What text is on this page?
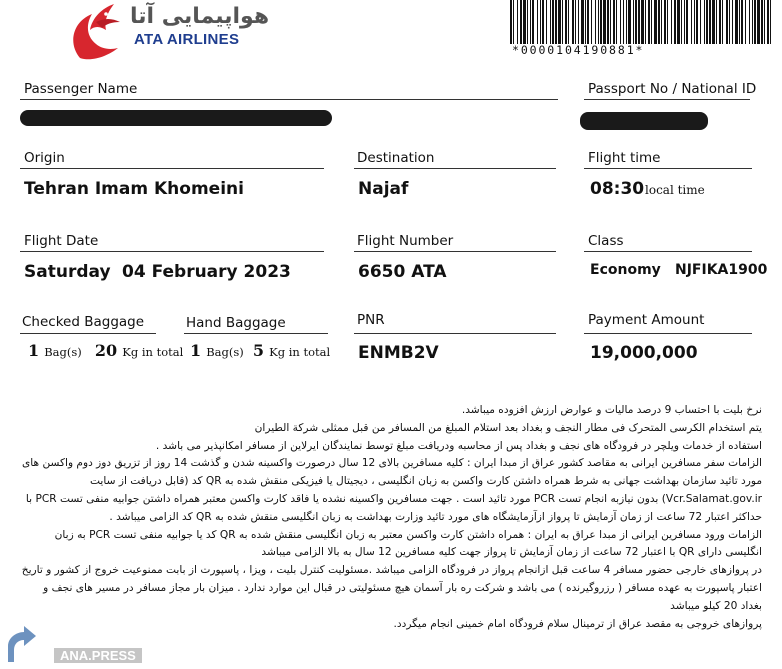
هواپیمایی آتا
ATA AIRLINES
*0000104190881*
Passenger Name	Passport No / National ID
Origin
Tehran Imam Khomeini
Destination
Najaf
Flight time
08:30 local time
Flight Date
Saturday 04 February 2023
Flight Number
6650 ATA
Class
Economy NJFIKA1900
Checked Baggage
1 Bag(s) 20 Kg in total
Hand Baggage
1 Bag(s) 5 Kg in total
PNR
ENMB2V
Payment Amount
19,000,000

نرخ بلیت با احتساب 9 درصد مالیات و عوارض ارزش افزوده میباشد.

یتم استخدام الکرسی المتحرک فی مطار النجف و بغداد بعد استلام المبلغ من المسافر من قبل ممثلی شرکة الطیران

استفاده از خدمات ویلچر در فرودگاه های نجف و بغداد پس از محاسبه ودریافت مبلغ توسط نمایندگان ایرلاین از مسافر امکانپذیر می باشد .

الزامات سفر مسافرین ایرانی به مقاصد کشور عراق از مبدا ایران : کلیه مسافرین بالای 12 سال درصورت واکسینه شدن و گذشت 14 روز از تزریق دوز دوم واکسن های مورد تائید سازمان بهداشت جهانی به شرط همراه داشتن کارت واکسن به زبان انگلیسی ، دیجیتال یا فیزیکی منقش شده به QR کد (قابل دریافت از سایت Vcr.Salamat.gov.ir) بدون نیازبه انجام تست PCR مورد تائید است . جهت مسافرین واکسینه نشده یا فاقد کارت واکسن معتبر همراه داشتن جوابیه منفی تست PCR با حداکثر اعتبار 72 ساعت از زمان آزمایش تا پرواز ازآزمایشگاه های مورد تائید وزارت بهداشت به زبان انگلیسی منقش شده به QR کد الزامی میباشد .

الزامات ورود مسافرین ایرانی از مبدا عراق به ایران : همراه داشتن کارت واکسن معتبر به زبان انگلیسی منقش شده به QR کد یا جوابیه منفی تست PCR به زبان انگلیسی دارای QR با اعتبار 72 ساعت از زمان آزمایش تا پرواز جهت کلیه مسافرین 12 سال به بالا الزامی میباشد

در پروازهای خارجی حضور مسافر 4 ساعت قبل ازانجام پرواز در فرودگاه الزامی میباشد .مسئولیت کنترل بلیت ، ویزا ، پاسپورت از بابت ممنوعیت خروج از کشور و تاریخ اعتبار پاسپورت به عهده مسافر ( رزروگیرنده ) می باشد و شرکت ره بار آسمان هیچ مسئولیتی در قبال این موارد ندارد . میزان بار مجاز مسافر در مسیر های نجف و بغداد 20 کیلو میباشد

پروازهای خروجی به مقصد عراق از ترمینال سلام فرودگاه امام خمینی انجام میگردد.

ANA.PRESS
